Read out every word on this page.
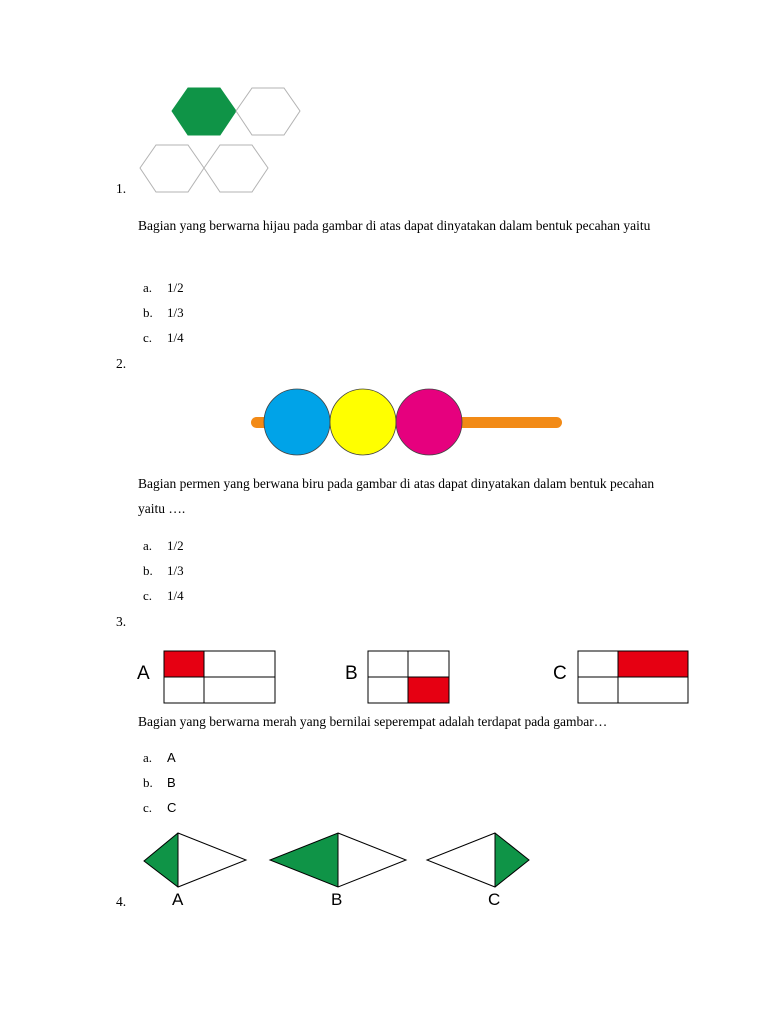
1.
Bagian yang berwarna hijau pada gambar di atas dapat dinyatakan dalam bentuk pecahan yaitu
a. 1/2
b. 1/3
c. 1/4
2.
Bagian permen yang berwana biru pada gambar di atas dapat dinyatakan dalam bentuk pecahan yaitu ….
a. 1/2
b. 1/3
c. 1/4
3.
A	B	C
Bagian yang berwarna merah yang bernilai seperempat adalah terdapat pada gambar…
a. A
b. B
c. C
4.	A	B	C
